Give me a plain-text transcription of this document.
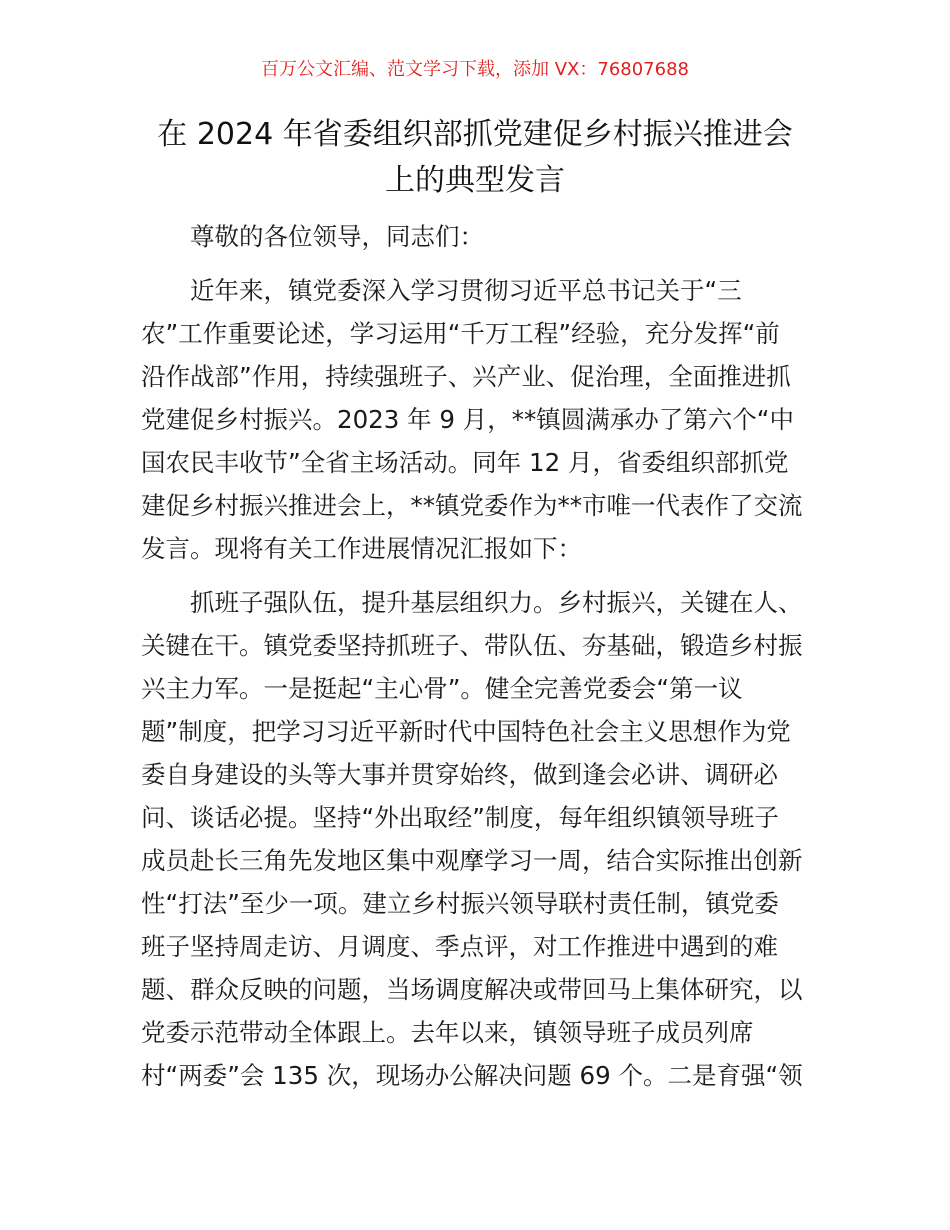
百万公文汇编、范文学习下载，添加 VX：76807688
在 2024 年省委组织部抓党建促乡村振兴推进会
上的典型发言
尊敬的各位领导，同志们：
近年来，镇党委深入学习贯彻习近平总书记关于“三
农”工作重要论述，学习运用“千万工程”经验，充分发挥“前
沿作战部”作用，持续强班子、兴产业、促治理，全面推进抓
党建促乡村振兴。2023 年 9 月，**镇圆满承办了第六个“中
国农民丰收节”全省主场活动。同年 12 月，省委组织部抓党
建促乡村振兴推进会上，**镇党委作为**市唯一代表作了交流
发言。现将有关工作进展情况汇报如下：
抓班子强队伍，提升基层组织力。乡村振兴，关键在人、
关键在干。镇党委坚持抓班子、带队伍、夯基础，锻造乡村振
兴主力军。一是挺起“主心骨”。健全完善党委会“第一议
题”制度，把学习习近平新时代中国特色社会主义思想作为党
委自身建设的头等大事并贯穿始终，做到逢会必讲、调研必
问、谈话必提。坚持“外出取经”制度，每年组织镇领导班子
成员赴长三角先发地区集中观摩学习一周，结合实际推出创新
性“打法”至少一项。建立乡村振兴领导联村责任制，镇党委
班子坚持周走访、月调度、季点评，对工作推进中遇到的难
题、群众反映的问题，当场调度解决或带回马上集体研究，以
党委示范带动全体跟上。去年以来，镇领导班子成员列席
村“两委”会 135 次，现场办公解决问题 69 个。二是育强“领
